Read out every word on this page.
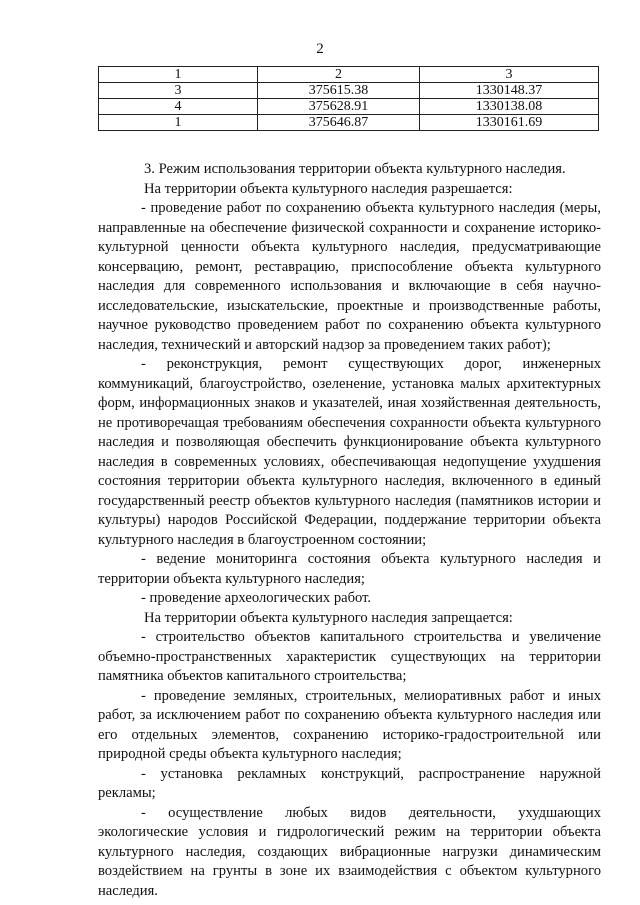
2
1	2	3
3	375615.38	1330148.37
4	375628.91	1330138.08
1	375646.87	1330161.69

3. Режим использования территории объекта культурного наследия.

На территории объекта культурного наследия разрешается:

- проведение работ по сохранению объекта культурного наследия (меры, направленные на обеспечение физической сохранности и сохранение историко-культурной ценности объекта культурного наследия, предусматривающие консервацию, ремонт, реставрацию, приспособление объекта культурного наследия для современного использования и включающие в себя научно-исследовательские, изыскательские, проектные и производственные работы, научное руководство проведением работ по сохранению объекта культурного наследия, технический и авторский надзор за проведением таких работ);

- реконструкция, ремонт существующих дорог, инженерных коммуникаций, благоустройство, озеленение, установка малых архитектурных форм, информационных знаков и указателей, иная хозяйственная деятельность, не противоречащая требованиям обеспечения сохранности объекта культурного наследия и позволяющая обеспечить функционирование объекта культурного наследия в современных условиях, обеспечивающая недопущение ухудшения состояния территории объекта культурного наследия, включенного в единый государственный реестр объектов культурного наследия (памятников истории и культуры) народов Российской Федерации, поддержание территории объекта культурного наследия в благоустроенном состоянии;

- ведение мониторинга состояния объекта культурного наследия и территории объекта культурного наследия;

- проведение археологических работ.

На территории объекта культурного наследия запрещается:

- строительство объектов капитального строительства и увеличение объемно-пространственных характеристик существующих на территории памятника объектов капитального строительства;

- проведение земляных, строительных, мелиоративных работ и иных работ, за исключением работ по сохранению объекта культурного наследия или его отдельных элементов, сохранению историко-градостроительной или природной среды объекта культурного наследия;

- установка рекламных конструкций, распространение наружной рекламы;

- осуществление любых видов деятельности, ухудшающих экологические условия и гидрологический режим на территории объекта культурного наследия, создающих вибрационные нагрузки динамическим воздействием на грунты в зоне их взаимодействия с объектом культурного наследия.
